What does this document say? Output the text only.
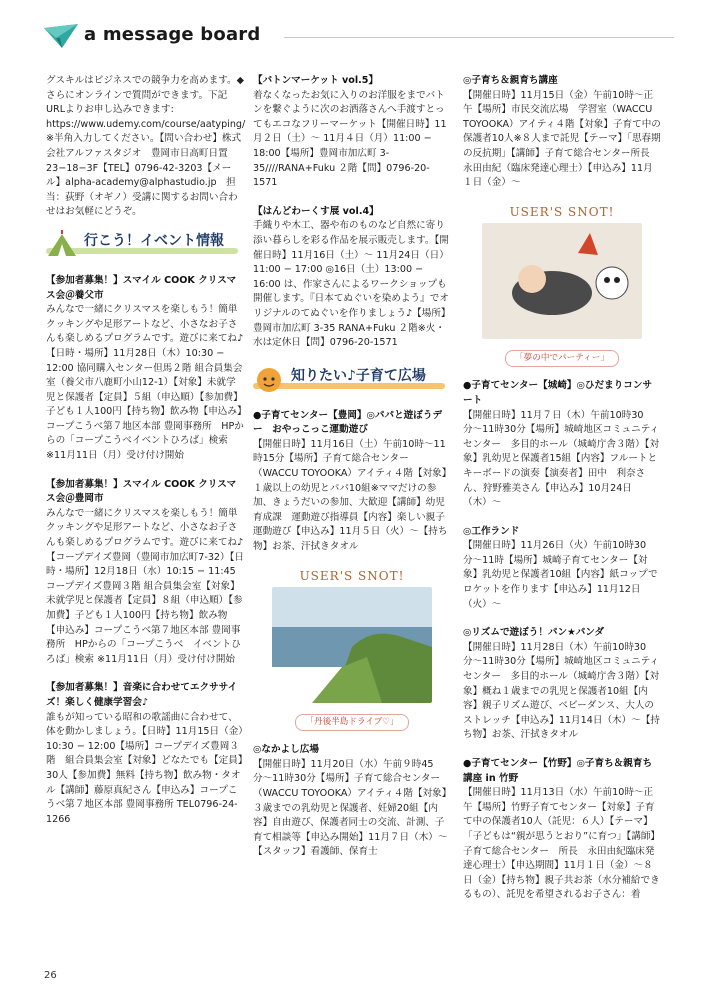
a message board

グスキルはビジネスでの競争力を高めます。◆さらにオンラインで質問ができます。下記URLよりお申し込みできます: https://www.udemy.com/course/aatyping/※半角入力してください。【問い合わせ】株式会社アルファスタジオ　豊岡市日高町日置23−18−3F【TEL】0796-42-3203【メール】alpha-academy@alphastudio.jp　担当：荻野（オギノ）受講に関するお問い合わせはお気軽にどうぞ。

行こう！イベント情報
【参加者募集！】スマイル COOK クリスマス会＠養父市
みんなで一緒にクリスマスを楽しもう！簡単クッキングや足形アートなど、小さなお子さんも楽しめるプログラムです。遊びに来てね♪【日時・場所】11月28日（木）10:30 − 12:00 協同購入センター但馬２階 組合員集会室（養父市八鹿町小山12-1）【対象】未就学児と保護者【定員】５組（申込順）【参加費】子ども１人100円【持ち物】飲み物【申込み】コープこうべ第７地区本部 豊岡事務所　HPからの「コープこうべイベントひろば」検索 ※11月11日（月）受け付け開始
【参加者募集！】スマイル COOK クリスマス会＠豊岡市
みんなで一緒にクリスマスを楽しもう！簡単クッキングや足形アートなど、小さなお子さんも楽しめるプログラムです。遊びに来てね♪【コープデイズ豊岡（豊岡市加広町7-32）【日時・場所】12月18日（水）10:15 − 11:45　コープデイズ豊岡３階 組合員集会室【対象】未就学児と保護者【定員】８組（申込順）【参加費】子ども１人100円【持ち物】飲み物【申込み】コープこうべ第７地区本部 豊岡事務所　HPからの「コープこうべ　イベントひろば」検索 ※11月11日（月）受け付け開始
【参加者募集！】音楽に合わせてエクササイズ！楽しく健康学習会♪
誰もが知っている昭和の歌謡曲に合わせて、体を動かしましょう。【日時】11月15日（金）10:30 − 12:00【場所】コープデイズ豊岡３階　組合員集会室【対象】どなたでも【定員】30人【参加費】無料【持ち物】飲み物・タオル【講師】藤原真紀さん【申込み】コープこうべ第７地区本部 豊岡事務所 TEL0796-24-1266
【バトンマーケット vol.5】
着なくなったお気に入りのお洋服をまでバトンを繋ぐように次のお洒落さんへ手渡すとってもエコなフリーマーケット【開催日時】11月２日（土）〜 11月４日（月）11:00 − 18:00【場所】豊岡市加広町 3-35////RANA+Fuku ２階【問】0796-20-1571
【はんどわーくす展 vol.4】
手織りや木工、器や布のものなど自然に寄り添い暮らしを彩る作品を展示販売します。【開催日時】11月16日（土）〜 11月24日（日）11:00 − 17:00 ◎16日（土）13:00 − 16:00 は、作家さんによるワークショップも開催します。『日本てぬぐいを染めよう』でオリジナルのてぬぐいを作りましょう♪【場所】豊岡市加広町 3-35 RANA+Fuku ２階※火・水は定休日【問】0796-20-1571
知りたい♪子育て広場
●子育てセンター【豊岡】◎パパと遊ぼうデー　おやっこっこ運動遊び
【開催日時】11月16日（土）午前10時〜11時15分【場所】子育て総合センター（WACCU TOYOOKA）アイティ４階【対象】１歳以上の幼児とパパ10組※ママだけの参加、きょうだいの参加、大歓迎【講師】幼児育成課　運動遊び指導員【内容】楽しい親子運動遊び【申込み】11月５日（火）〜【持ち物】お茶、汗拭きタオル
USER'S SNOT!
「丹後半島ドライブ♡」
◎なかよし広場
【開催日時】11月20日（水）午前９時45分〜11時30分【場所】子育て総合センター（WACCU TOYOOKA）アイティ４階【対象】３歳までの乳幼児と保護者、妊婦20組【内容】自由遊び、保護者同士の交流、計測、子育て相談等【申込み開始】11月７日（木）〜【スタッフ】看護師、保育士
◎子育ち＆親育ち講座
【開催日時】11月15日（金）午前10時〜正午【場所】市民交流広場　学習室（WACCU TOYOOKA）アイティ４階【対象】子育て中の保護者10人※８人まで託児【テーマ】「思春期の反抗期」【講師】子育て総合センター所長　永田由紀（臨床発達心理士）【申込み】11月１日（金）〜
USER'S SNOT!
「夢の中でパーティー」
●子育てセンター【城崎】◎ひだまりコンサート
【開催日時】11月７日（木）午前10時30分〜11時30分【場所】城崎地区コミュニティセンター　多目的ホール（城崎庁舎３階）【対象】乳幼児と保護者15組【内容】フルートとキーボードの演奏【演奏者】田中　利奈さん、狩野雅美さん【申込み】10月24日（木）〜
◎工作ランド
【開催日時】11月26日（火）午前10時30分〜11時【場所】城崎子育てセンター【対象】乳幼児と保護者10組【内容】紙コップでロケットを作ります【申込み】11月12日（火）〜
◎リズムで遊ぼう！パン★パンダ
【開催日時】11月28日（木）午前10時30分〜11時30分【場所】城崎地区コミュニティセンター　多目的ホール（城崎庁舎３階）【対象】概ね１歳までの乳児と保護者10組【内容】親子リズム遊び、ベビーダンス、大人のストレッチ【申込み】11月14日（木）〜【持ち物】お茶、汗拭きタオル
●子育てセンター【竹野】◎子育ち＆親育ち講座 in 竹野
【開催日時】11月13日（水）午前10時〜正午【場所】竹野子育てセンター【対象】子育て中の保護者10人（託児：６人）【テーマ】「子どもは“親が思うとおり”に育つ」【講師】子育て総合センター　所長　永田由紀臨床発達心理士）【申込期間】11月１日（金）〜８日（金）【持ち物】親子共お茶（水分補給できるもの）、託児を希望されるお子さん：着
26
